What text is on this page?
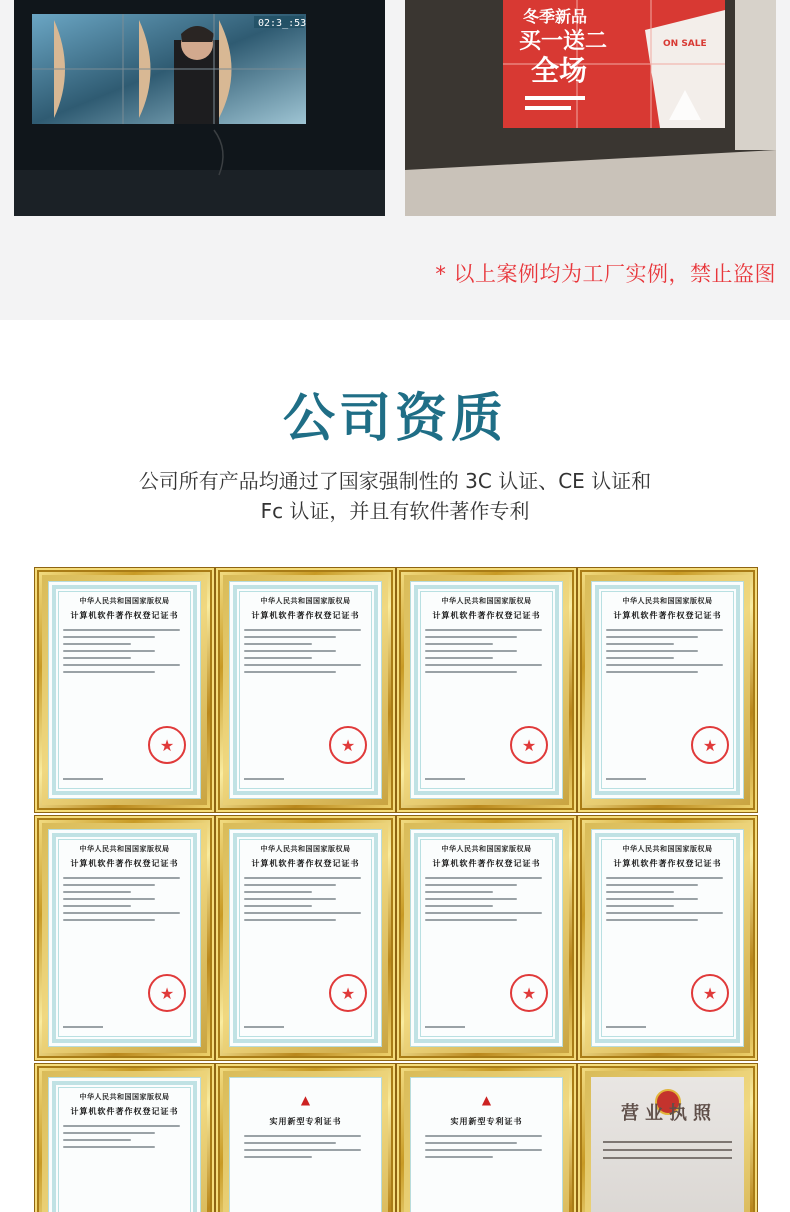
02:3_:53	冬季新品
买一送二
全场
ON SALE

* 以上案例均为工厂实例，禁止盗图

公司资质
公司所有产品均通过了国家强制性的 3C 认证、CE 认证和
Fc 认证，并且有软件著作专利
中华人民共和国国家版权局
计算机软件著作权登记证书
★
中华人民共和国国家版权局
计算机软件著作权登记证书
★
中华人民共和国国家版权局
计算机软件著作权登记证书
★
中华人民共和国国家版权局
计算机软件著作权登记证书
★
中华人民共和国国家版权局
计算机软件著作权登记证书
★
中华人民共和国国家版权局
计算机软件著作权登记证书
★
中华人民共和国国家版权局
计算机软件著作权登记证书
★
中华人民共和国国家版权局
计算机软件著作权登记证书
★
中华人民共和国国家版权局
计算机软件著作权登记证书
▲
实用新型专利证书
▲
实用新型专利证书	营业执照
